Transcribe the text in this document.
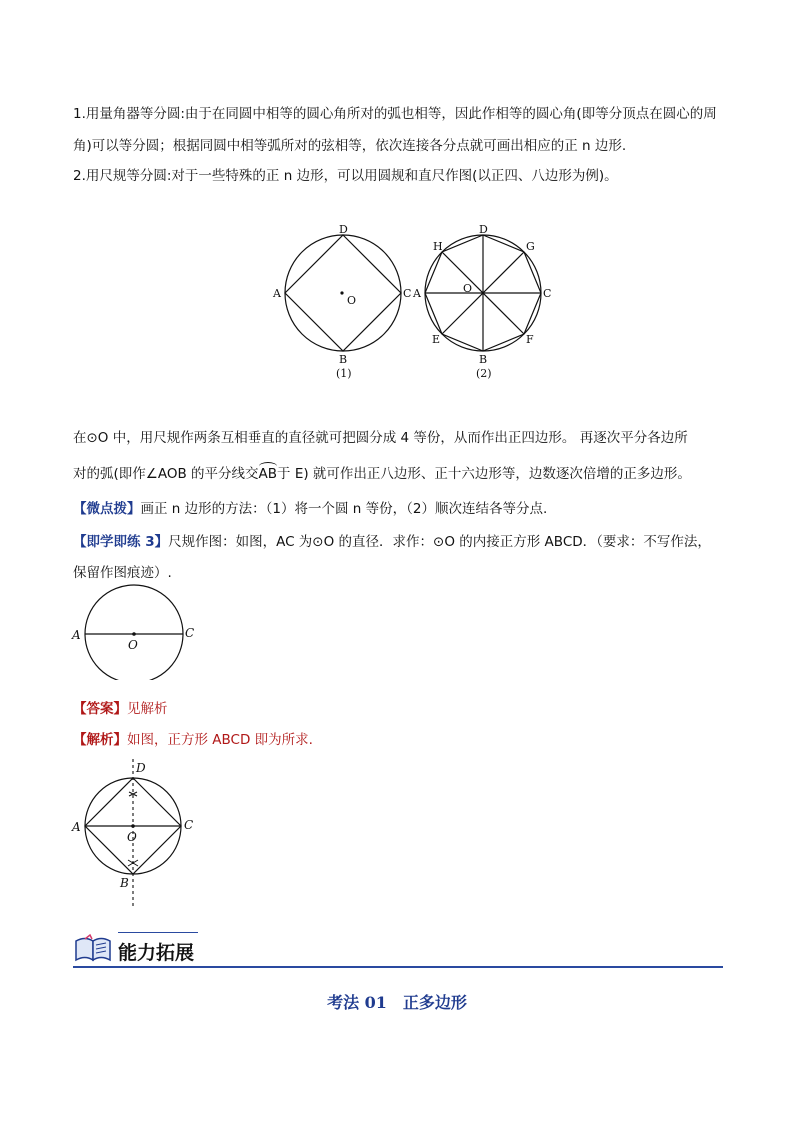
1.用量角器等分圆:由于在同圆中相等的圆心角所对的弧也相等，因此作相等的圆心角(即等分顶点在圆心的周角)可以等分圆；根据同圆中相等弧所对的弦相等，依次连接各分点就可画出相应的正 n 边形.

2.用尺规等分圆:对于一些特殊的正 n 边形，可以用圆规和直尺作图(以正四、八边形为例)。

D
A	C
O
B
(1)
D
H	G
A	O	C
E	F
B
(2)

在⊙O 中，用尺规作两条互相垂直的直径就可把圆分成 4 等份，从而作出正四边形。 再逐次平分各边所

对的弧(即作∠AOB 的平分线交AB于 E) 就可作出正八边形、正十六边形等，边数逐次倍增的正多边形。

【微点拨】画正 n 边形的方法：（1）将一个圆 n 等份，（2）顺次连结各等分点.

【即学即练 3】尺规作图：如图，AC 为⊙O 的直径．求作：⊙O 的内接正方形 ABCD．（要求：不写作法，

保留作图痕迹）.

A	C
O

【答案】见解析

【解析】如图，正方形 ABCD 即为所求.

D
A	C
O
B
能力拓展
考法 01　正多边形
